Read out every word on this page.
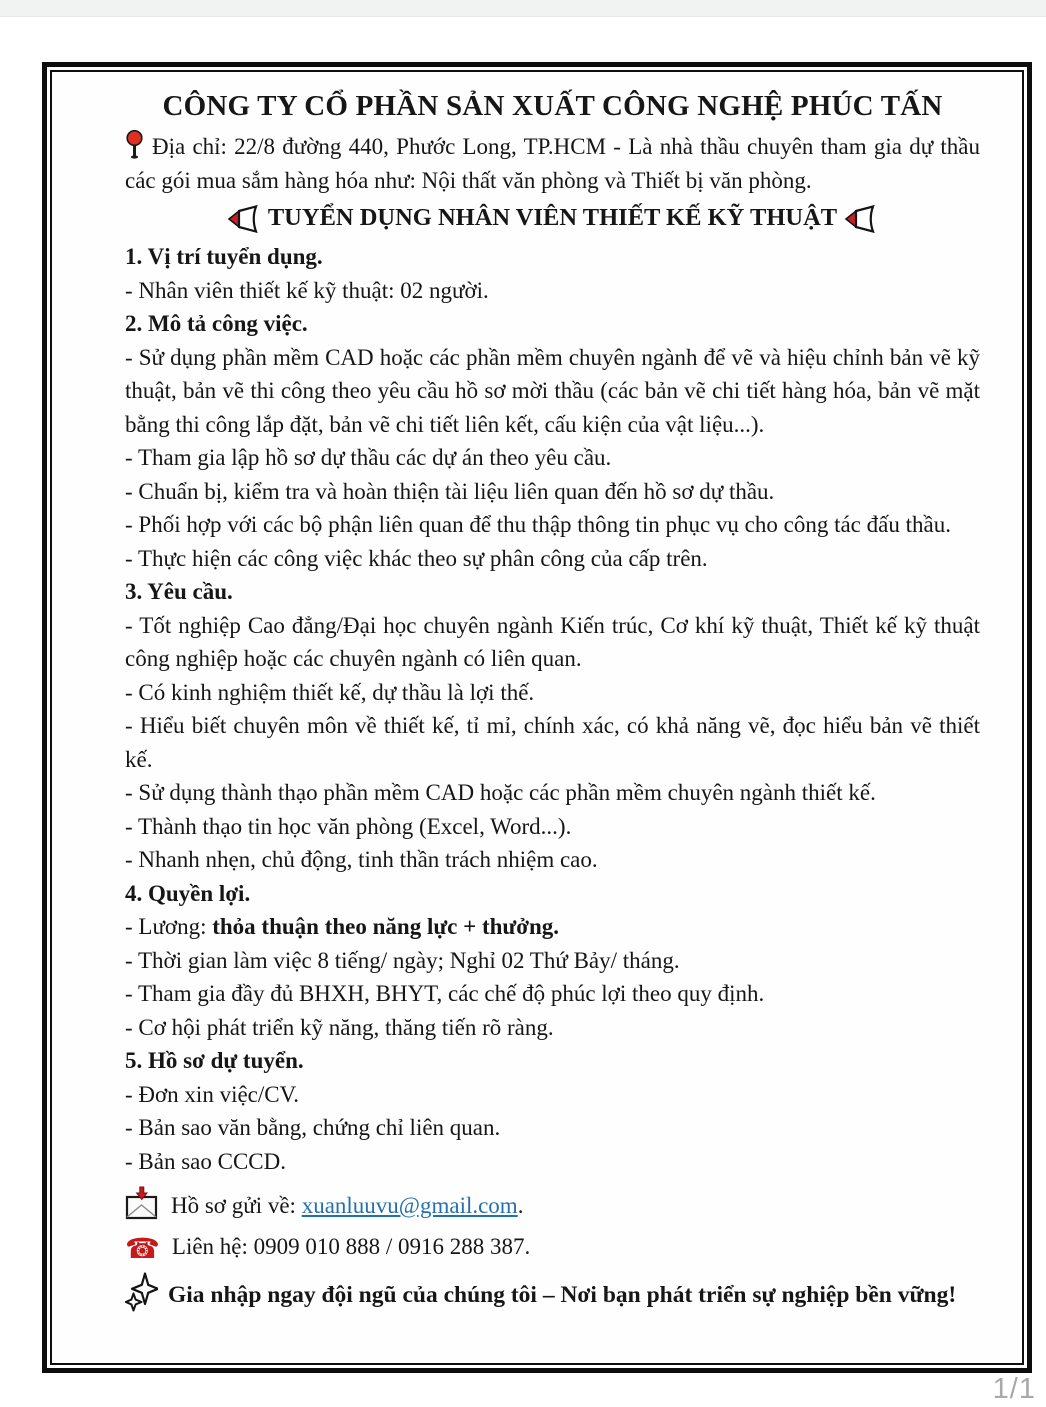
CÔNG TY CỔ PHẦN SẢN XUẤT CÔNG NGHỆ PHÚC TẤN

Địa chỉ: 22/8 đường 440, Phước Long, TP.HCM - Là nhà thầu chuyên tham gia dự thầu các gói mua sắm hàng hóa như: Nội thất văn phòng và Thiết bị văn phòng.

TUYỂN DỤNG NHÂN VIÊN THIẾT KẾ KỸ THUẬT

1. Vị trí tuyển dụng.

- Nhân viên thiết kế kỹ thuật: 02 người.

2. Mô tả công việc.

- Sử dụng phần mềm CAD hoặc các phần mềm chuyên ngành để vẽ và hiệu chỉnh bản vẽ kỹ thuật, bản vẽ thi công theo yêu cầu hồ sơ mời thầu (các bản vẽ chi tiết hàng hóa, bản vẽ mặt bằng thi công lắp đặt, bản vẽ chi tiết liên kết, cấu kiện của vật liệu...).

- Tham gia lập hồ sơ dự thầu các dự án theo yêu cầu.

- Chuẩn bị, kiểm tra và hoàn thiện tài liệu liên quan đến hồ sơ dự thầu.

- Phối hợp với các bộ phận liên quan để thu thập thông tin phục vụ cho công tác đấu thầu.

- Thực hiện các công việc khác theo sự phân công của cấp trên.

3. Yêu cầu.

- Tốt nghiệp Cao đẳng/Đại học chuyên ngành Kiến trúc, Cơ khí kỹ thuật, Thiết kế kỹ thuật công nghiệp hoặc các chuyên ngành có liên quan.

- Có kinh nghiệm thiết kế, dự thầu là lợi thế.

- Hiểu biết chuyên môn về thiết kế, tỉ mỉ, chính xác, có khả năng vẽ, đọc hiểu bản vẽ thiết kế.

- Sử dụng thành thạo phần mềm CAD hoặc các phần mềm chuyên ngành thiết kế.

- Thành thạo tin học văn phòng (Excel, Word...).

- Nhanh nhẹn, chủ động, tinh thần trách nhiệm cao.

4. Quyền lợi.

- Lương: thỏa thuận theo năng lực + thưởng.

- Thời gian làm việc 8 tiếng/ ngày; Nghỉ 02 Thứ Bảy/ tháng.

- Tham gia đầy đủ BHXH, BHYT, các chế độ phúc lợi theo quy định.

- Cơ hội phát triển kỹ năng, thăng tiến rõ ràng.

5. Hồ sơ dự tuyển.

- Đơn xin việc/CV.

- Bản sao văn bằng, chứng chỉ liên quan.

- Bản sao CCCD.

Hồ sơ gửi về: xuanluuvu@gmail.com.

☎ Liên hệ: 0909 010 888 / 0916 288 387.

Gia nhập ngay đội ngũ của chúng tôi – Nơi bạn phát triển sự nghiệp bền vững!

1/1
